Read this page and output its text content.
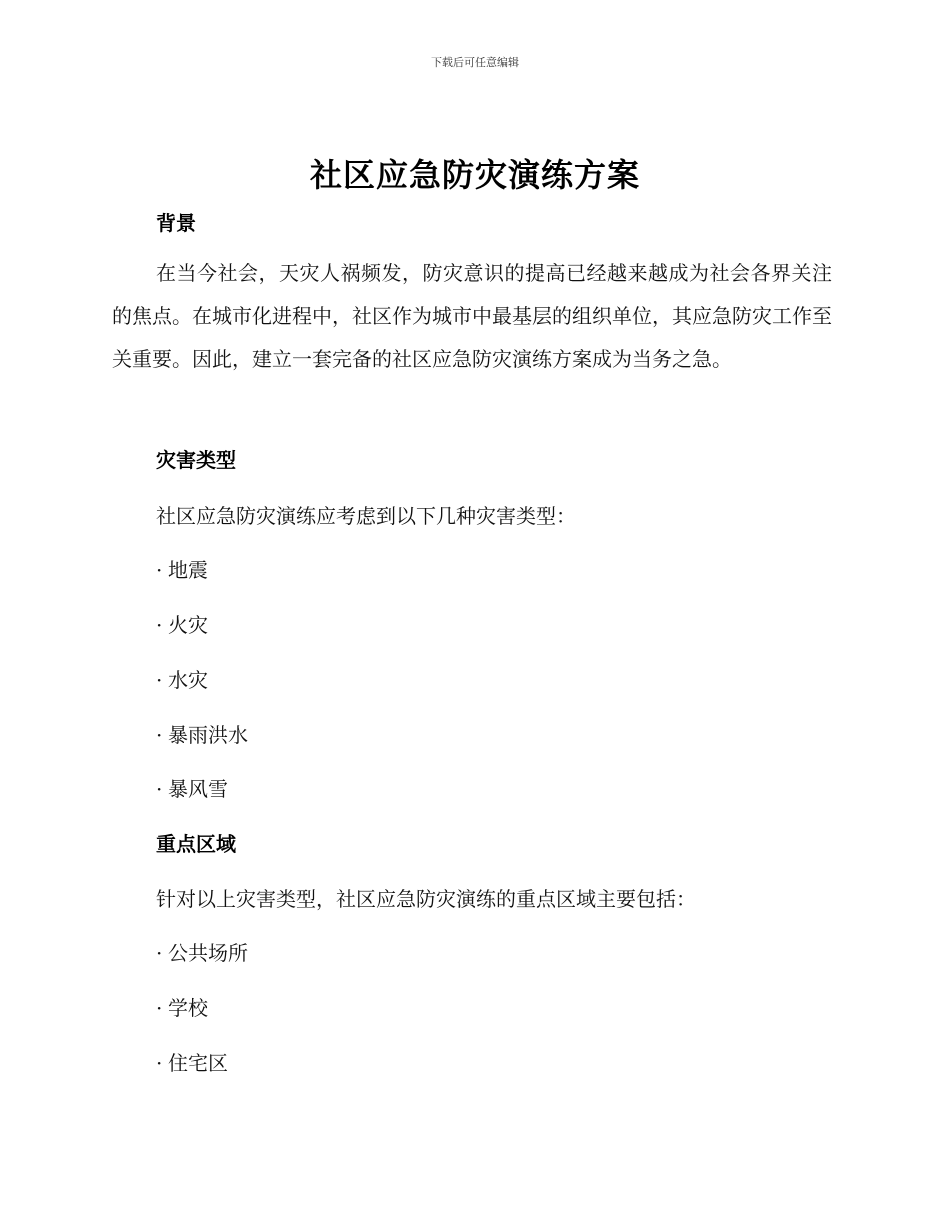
下载后可任意编辑
社区应急防灾演练方案
背景
在当今社会，天灾人祸频发，防灾意识的提高已经越来越成为社会各界关注的焦点。在城市化进程中，社区作为城市中最基层的组织单位，其应急防灾工作至关重要。因此，建立一套完备的社区应急防灾演练方案成为当务之急。
灾害类型
社区应急防灾演练应考虑到以下几种灾害类型：
· 地震
· 火灾
· 水灾
· 暴雨洪水
· 暴风雪
重点区域
针对以上灾害类型，社区应急防灾演练的重点区域主要包括：
· 公共场所
· 学校
· 住宅区
